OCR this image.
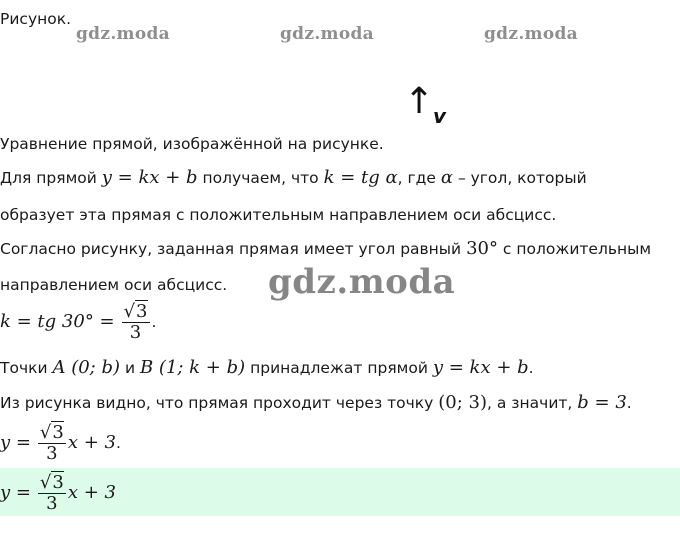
Рисунок.
gdz.moda	gdz.moda	gdz.moda
↑
v
Уравнение прямой, изображённой на рисунке.
Для прямой y = kx + b получаем, что k = tg α, где α – угол, который
образует эта прямая с положительным направлением оси абсцисс.
Согласно рисунку, заданная прямая имеет угол равный 30° с положительным
направлением оси абсцисс. gdz.moda
k = tg $30^\circ = \frac{√3}{3}$ .
Точки A (0; b) и B (1; k + b) принадлежат прямой y = kx + b.
Из рисунка видно, что прямая проходит через точку (0; 3), а значит, b = 3.
$y = \frac{√3}{3}$ x + 3.
$y = \frac{√3}{3}$ x + 3
